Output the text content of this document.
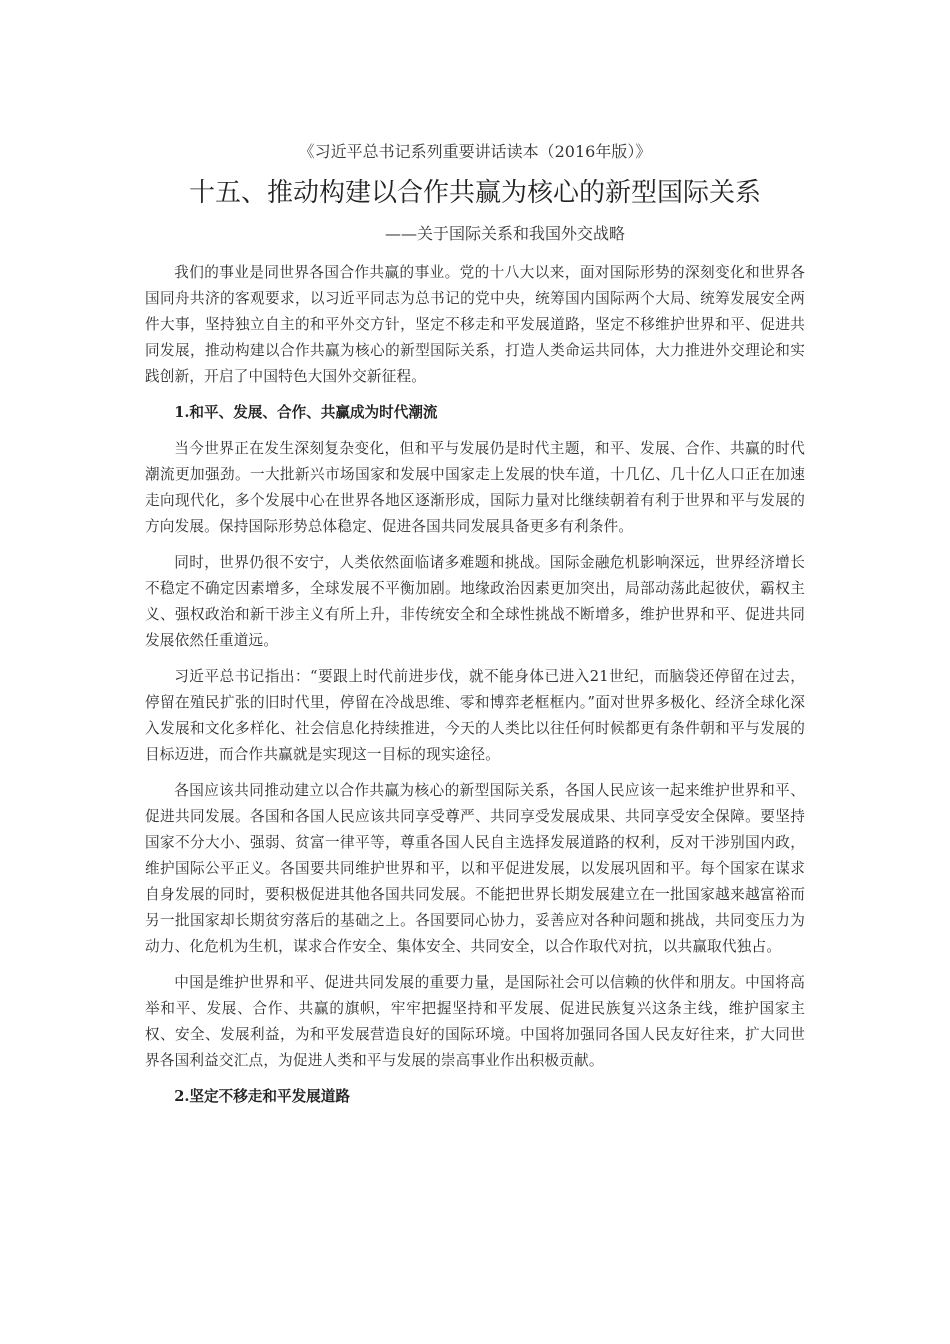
《习近平总书记系列重要讲话读本（2016年版）》
十五、推动构建以合作共赢为核心的新型国际关系
——关于国际关系和我国外交战略

我们的事业是同世界各国合作共赢的事业。党的十八大以来，面对国际形势的深刻变化和世界各国同舟共济的客观要求，以习近平同志为总书记的党中央，统筹国内国际两个大局、统筹发展安全两件大事，坚持独立自主的和平外交方针，坚定不移走和平发展道路，坚定不移维护世界和平、促进共同发展，推动构建以合作共赢为核心的新型国际关系，打造人类命运共同体，大力推进外交理论和实践创新，开启了中国特色大国外交新征程。

1.和平、发展、合作、共赢成为时代潮流

当今世界正在发生深刻复杂变化，但和平与发展仍是时代主题，和平、发展、合作、共赢的时代潮流更加强劲。一大批新兴市场国家和发展中国家走上发展的快车道，十几亿、几十亿人口正在加速走向现代化，多个发展中心在世界各地区逐渐形成，国际力量对比继续朝着有利于世界和平与发展的方向发展。保持国际形势总体稳定、促进各国共同发展具备更多有利条件。

同时，世界仍很不安宁，人类依然面临诸多难题和挑战。国际金融危机影响深远，世界经济增长不稳定不确定因素增多，全球发展不平衡加剧。地缘政治因素更加突出，局部动荡此起彼伏，霸权主义、强权政治和新干涉主义有所上升，非传统安全和全球性挑战不断增多，维护世界和平、促进共同发展依然任重道远。

习近平总书记指出：“要跟上时代前进步伐，就不能身体已进入21世纪，而脑袋还停留在过去，停留在殖民扩张的旧时代里，停留在冷战思维、零和博弈老框框内。”面对世界多极化、经济全球化深入发展和文化多样化、社会信息化持续推进，今天的人类比以往任何时候都更有条件朝和平与发展的目标迈进，而合作共赢就是实现这一目标的现实途径。

各国应该共同推动建立以合作共赢为核心的新型国际关系，各国人民应该一起来维护世界和平、促进共同发展。各国和各国人民应该共同享受尊严、共同享受发展成果、共同享受安全保障。要坚持国家不分大小、强弱、贫富一律平等，尊重各国人民自主选择发展道路的权利，反对干涉别国内政，维护国际公平正义。各国要共同维护世界和平，以和平促进发展，以发展巩固和平。每个国家在谋求自身发展的同时，要积极促进其他各国共同发展。不能把世界长期发展建立在一批国家越来越富裕而另一批国家却长期贫穷落后的基础之上。各国要同心协力，妥善应对各种问题和挑战，共同变压力为动力、化危机为生机，谋求合作安全、集体安全、共同安全，以合作取代对抗，以共赢取代独占。

中国是维护世界和平、促进共同发展的重要力量，是国际社会可以信赖的伙伴和朋友。中国将高举和平、发展、合作、共赢的旗帜，牢牢把握坚持和平发展、促进民族复兴这条主线，维护国家主权、安全、发展利益，为和平发展营造良好的国际环境。中国将加强同各国人民友好往来，扩大同世界各国利益交汇点，为促进人类和平与发展的崇高事业作出积极贡献。

2.坚定不移走和平发展道路
